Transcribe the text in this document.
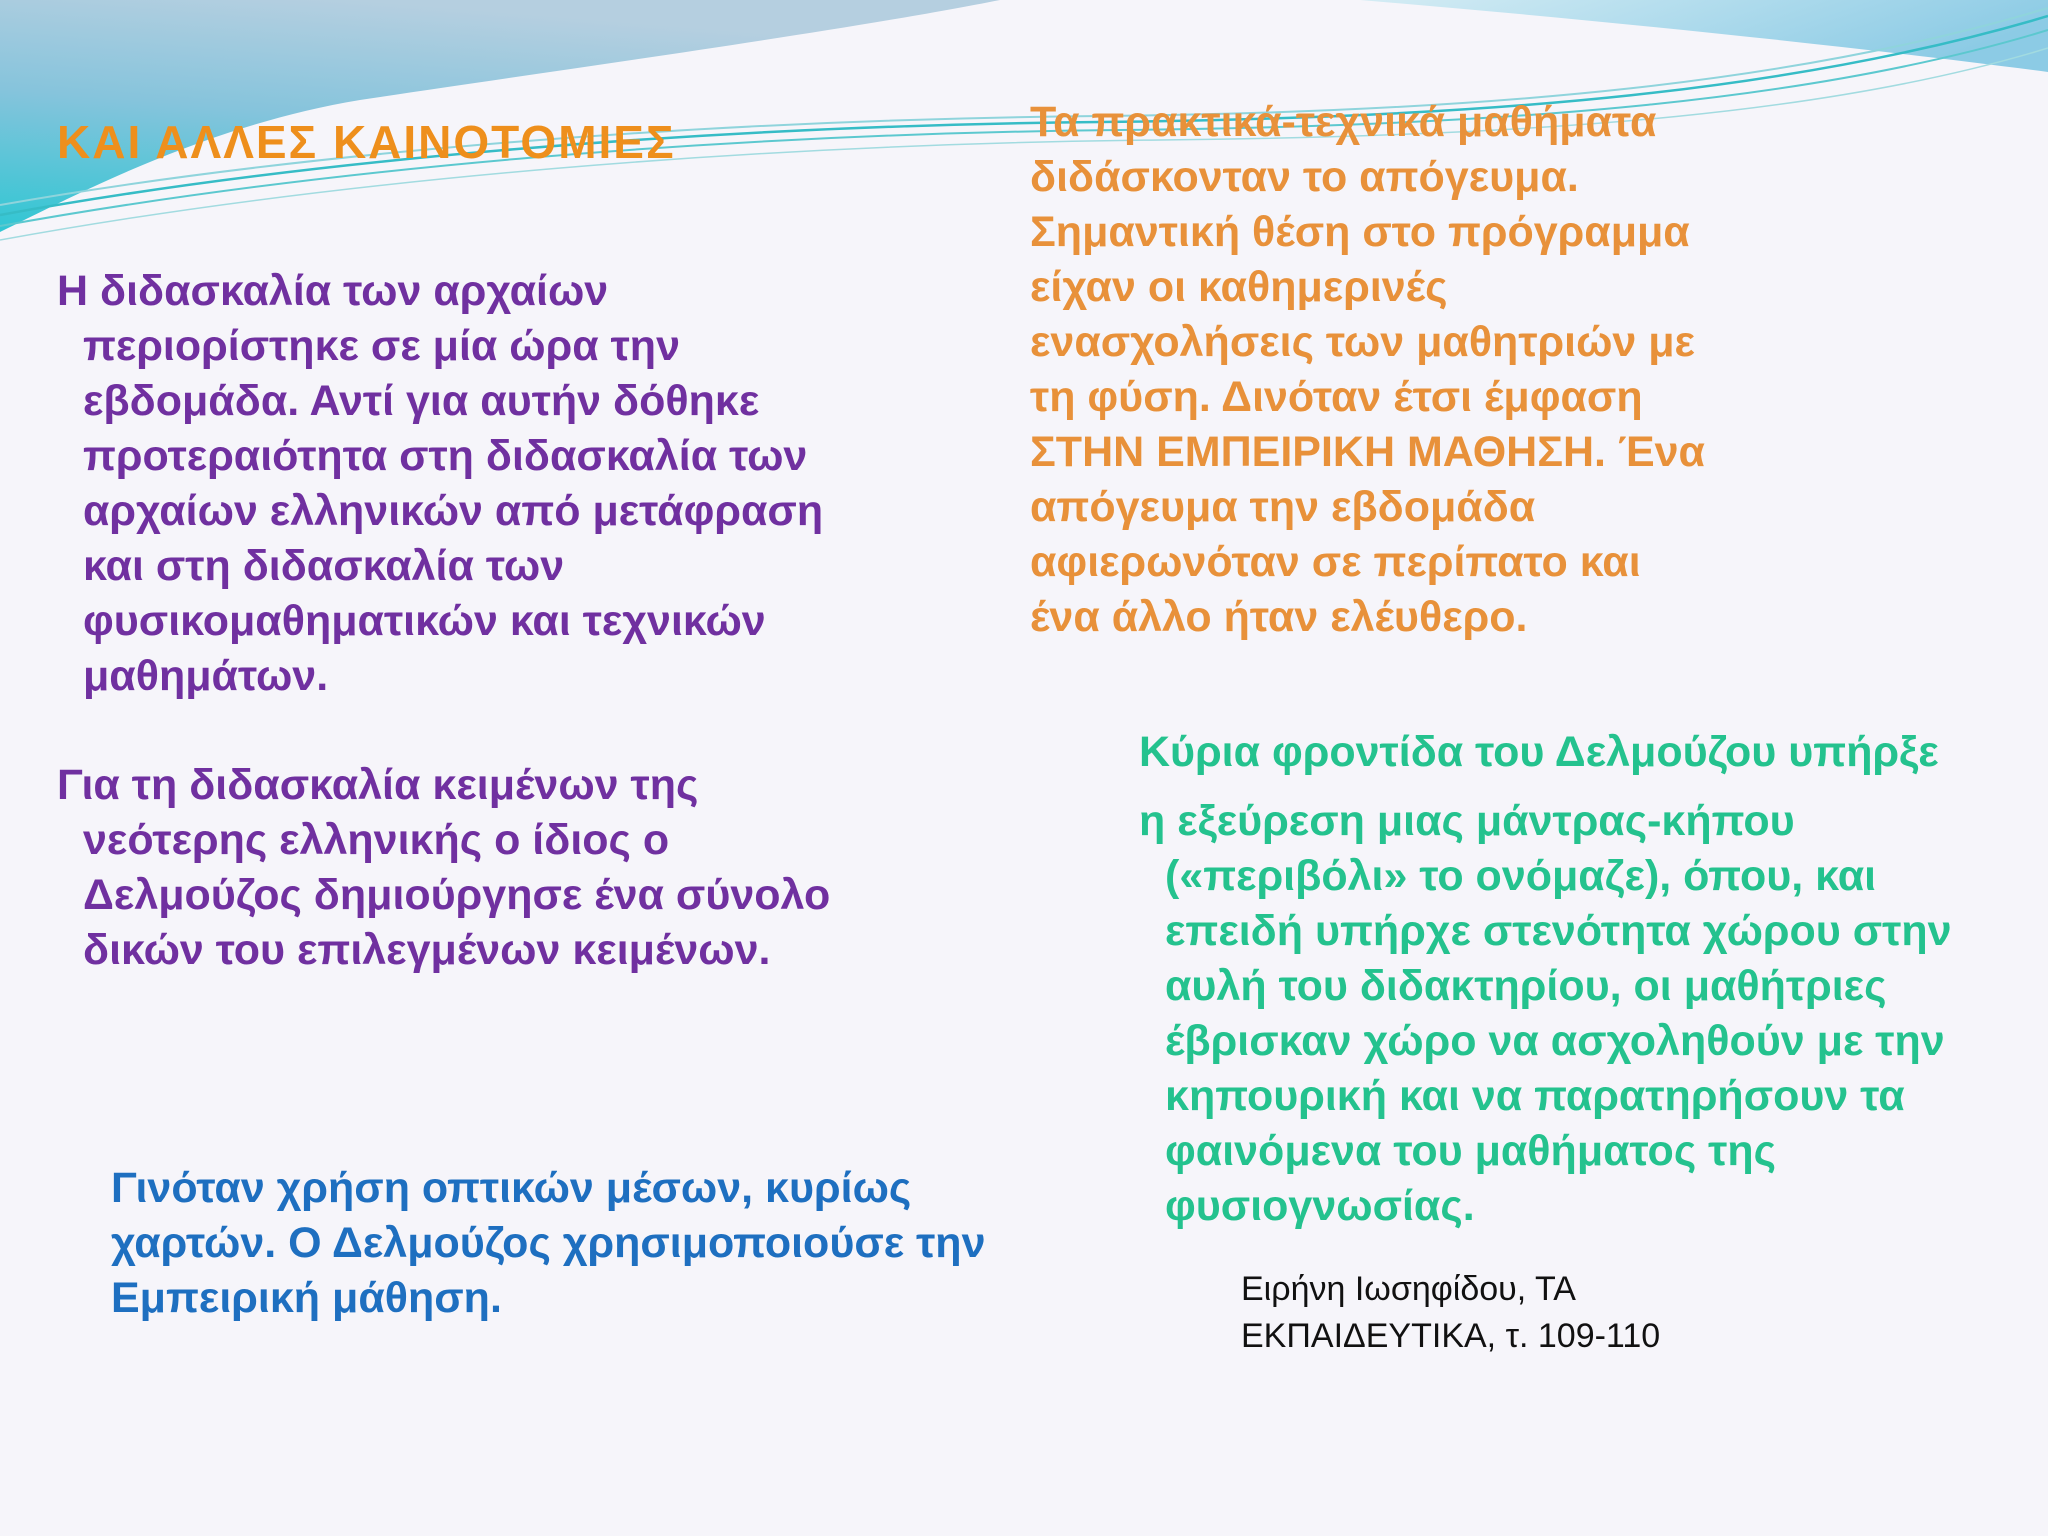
ΚΑΙ ΑΛΛΕΣ ΚΑΙΝΟΤΟΜΙΕΣ
Η διδασκαλία των αρχαίων
περιορίστηκε σε μία ώρα την
εβδομάδα. Αντί για αυτήν δόθηκε
προτεραιότητα στη διδασκαλία των
αρχαίων ελληνικών από μετάφραση
και στη διδασκαλία των
φυσικομαθηματικών και τεχνικών
μαθημάτων.
Για τη διδασκαλία κειμένων της
νεότερης ελληνικής ο ίδιος ο
Δελμούζος δημιούργησε ένα σύνολο
δικών του επιλεγμένων κειμένων.
Γινόταν χρήση οπτικών μέσων, κυρίως
χαρτών. Ο Δελμούζος χρησιμοποιούσε την
Εμπειρική μάθηση.
Τα πρακτικά-τεχνικά μαθήματα
διδάσκονταν το απόγευμα.
Σημαντική θέση στο πρόγραμμα
είχαν οι καθημερινές
ενασχολήσεις των μαθητριών με
τη φύση. Δινόταν έτσι έμφαση
ΣΤΗΝ ΕΜΠΕΙΡΙΚΗ ΜΑΘΗΣΗ. Ένα
απόγευμα την εβδομάδα
αφιερωνόταν σε περίπατο και
ένα άλλο ήταν ελέυθερο.
Κύρια φροντίδα του Δελμούζου υπήρξε
η εξεύρεση μιας μάντρας-κήπου
(«περιβόλι» το ονόμαζε), όπου, και
επειδή υπήρχε στενότητα χώρου στην
αυλή του διδακτηρίου, οι μαθήτριες
έβρισκαν χώρο να ασχοληθούν με την
κηπουρική και να παρατηρήσουν τα
φαινόμενα του μαθήματος της
φυσιογνωσίας.
Ειρήνη Ιωσηφίδου, ΤΑ
ΕΚΠΑΙΔΕΥΤΙΚΑ, τ. 109-110
